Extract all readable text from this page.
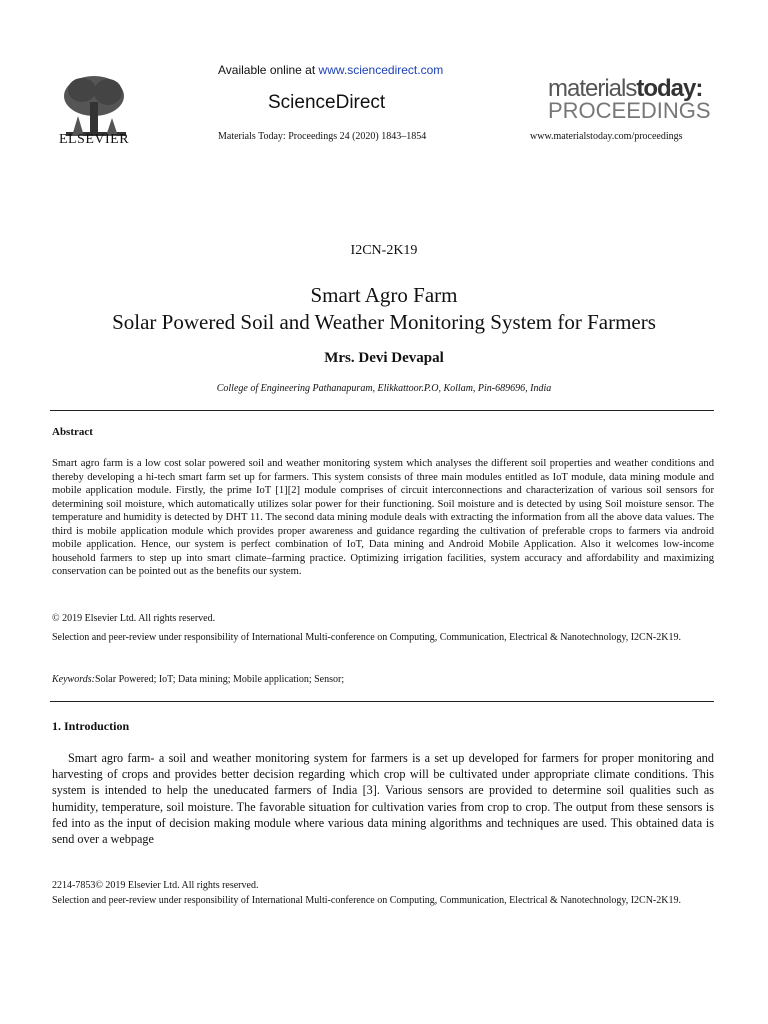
ELSEVIER
Available online at www.sciencedirect.com
ScienceDirect
Materials Today: Proceedings 24 (2020) 1843–1854
materialstoday:
PROCEEDINGS
www.materialstoday.com/proceedings
I2CN-2K19
Smart Agro Farm
Solar Powered Soil and Weather Monitoring System for Farmers
Mrs. Devi Devapal
College of Engineering Pathanapuram, Elikkattoor.P.O, Kollam, Pin-689696, India
Abstract
Smart agro farm is a low cost solar powered soil and weather monitoring system which analyses the different soil properties and weather conditions and thereby developing a hi-tech smart farm set up for farmers. This system consists of three main modules entitled as IoT module, data mining module and mobile application module. Firstly, the prime IoT [1][2] module comprises of circuit interconnections and characterization of various soil sensors for determining soil moisture, which automatically utilizes solar power for their functioning. Soil moisture and is detected by using Soil moisture sensor. The temperature and humidity is detected by DHT 11. The second data mining module deals with extracting the information from all the above data values. The third is mobile application module which provides proper awareness and guidance regarding the cultivation of preferable crops to farmers via android mobile application. Hence, our system is perfect combination of IoT, Data mining and Android Mobile Application. Also it welcomes low-income household farmers to step up into smart climate–farming practice. Optimizing irrigation facilities, system accuracy and affordability and maximizing conservation can be pointed out as the benefits our system.
© 2019 Elsevier Ltd. All rights reserved.
Selection and peer-review under responsibility of International Multi-conference on Computing, Communication, Electrical & Nanotechnology, I2CN-2K19.
Keywords:Solar Powered; IoT; Data mining; Mobile application; Sensor;
1. Introduction
Smart agro farm- a soil and weather monitoring system for farmers is a set up developed for farmers for proper monitoring and harvesting of crops and provides better decision regarding which crop will be cultivated under appropriate climate conditions. This system is intended to help the uneducated farmers of India [3]. Various sensors are provided to determine soil qualities such as humidity, temperature, soil moisture. The favorable situation for cultivation varies from crop to crop. The output from these sensors is fed into as the input of decision making module where various data mining algorithms and techniques are used. This obtained data is send over a webpage
2214-7853© 2019 Elsevier Ltd. All rights reserved.
Selection and peer-review under responsibility of International Multi-conference on Computing, Communication, Electrical & Nanotechnology, I2CN-2K19.
